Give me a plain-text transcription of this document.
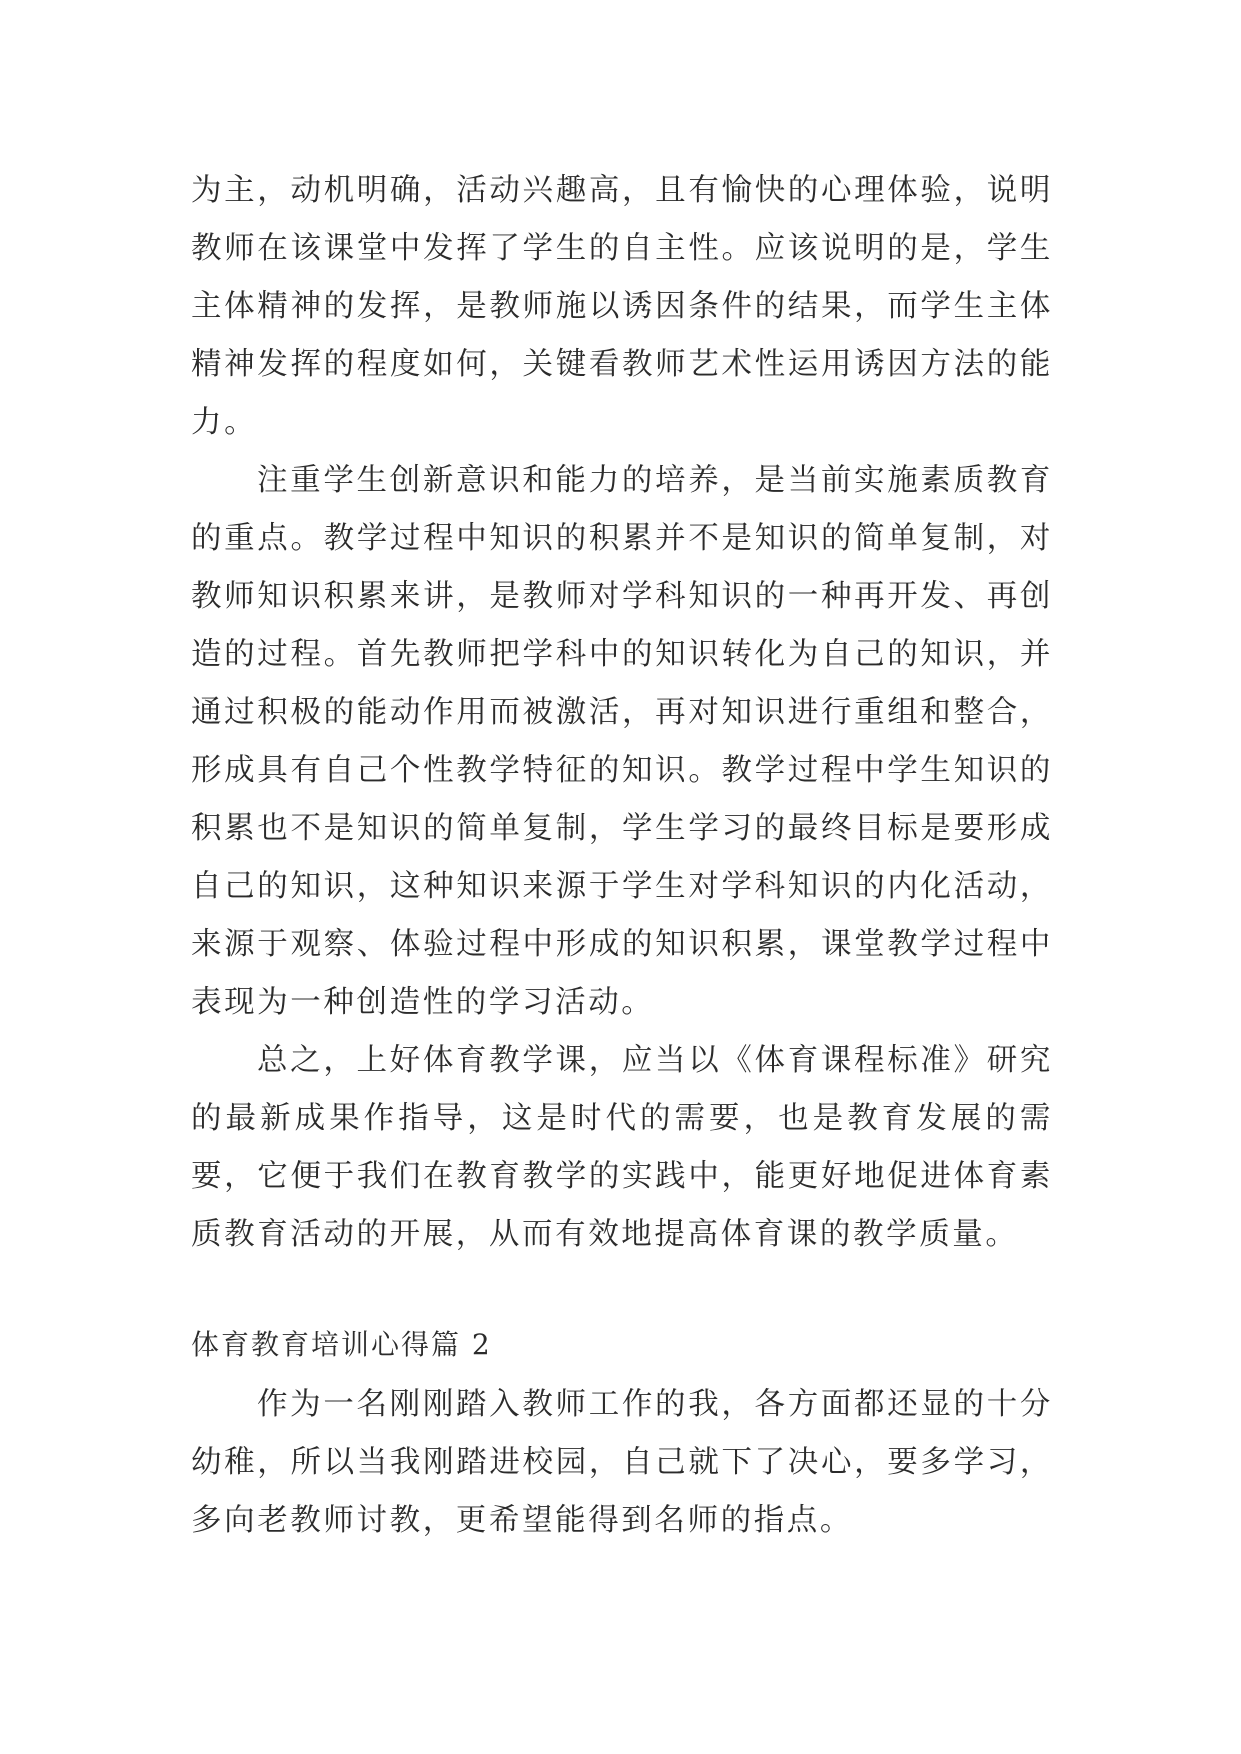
为主，动机明确，活动兴趣高，且有愉快的心理体验，说明教师在该课堂中发挥了学生的自主性。应该说明的是，学生主体精神的发挥，是教师施以诱因条件的结果，而学生主体精神发挥的程度如何，关键看教师艺术性运用诱因方法的能力。

注重学生创新意识和能力的培养，是当前实施素质教育的重点。教学过程中知识的积累并不是知识的简单复制，对教师知识积累来讲，是教师对学科知识的一种再开发、再创造的过程。首先教师把学科中的知识转化为自己的知识，并通过积极的能动作用而被激活，再对知识进行重组和整合，形成具有自己个性教学特征的知识。教学过程中学生知识的积累也不是知识的简单复制，学生学习的最终目标是要形成自己的知识，这种知识来源于学生对学科知识的内化活动，来源于观察、体验过程中形成的知识积累，课堂教学过程中表现为一种创造性的学习活动。

总之，上好体育教学课，应当以《体育课程标准》研究的最新成果作指导，这是时代的需要，也是教育发展的需要，它便于我们在教育教学的实践中，能更好地促进体育素质教育活动的开展，从而有效地提高体育课的教学质量。

体育教育培训心得篇 2

作为一名刚刚踏入教师工作的我，各方面都还显的十分幼稚，所以当我刚踏进校园，自己就下了决心，要多学习，多向老教师讨教，更希望能得到名师的指点。
